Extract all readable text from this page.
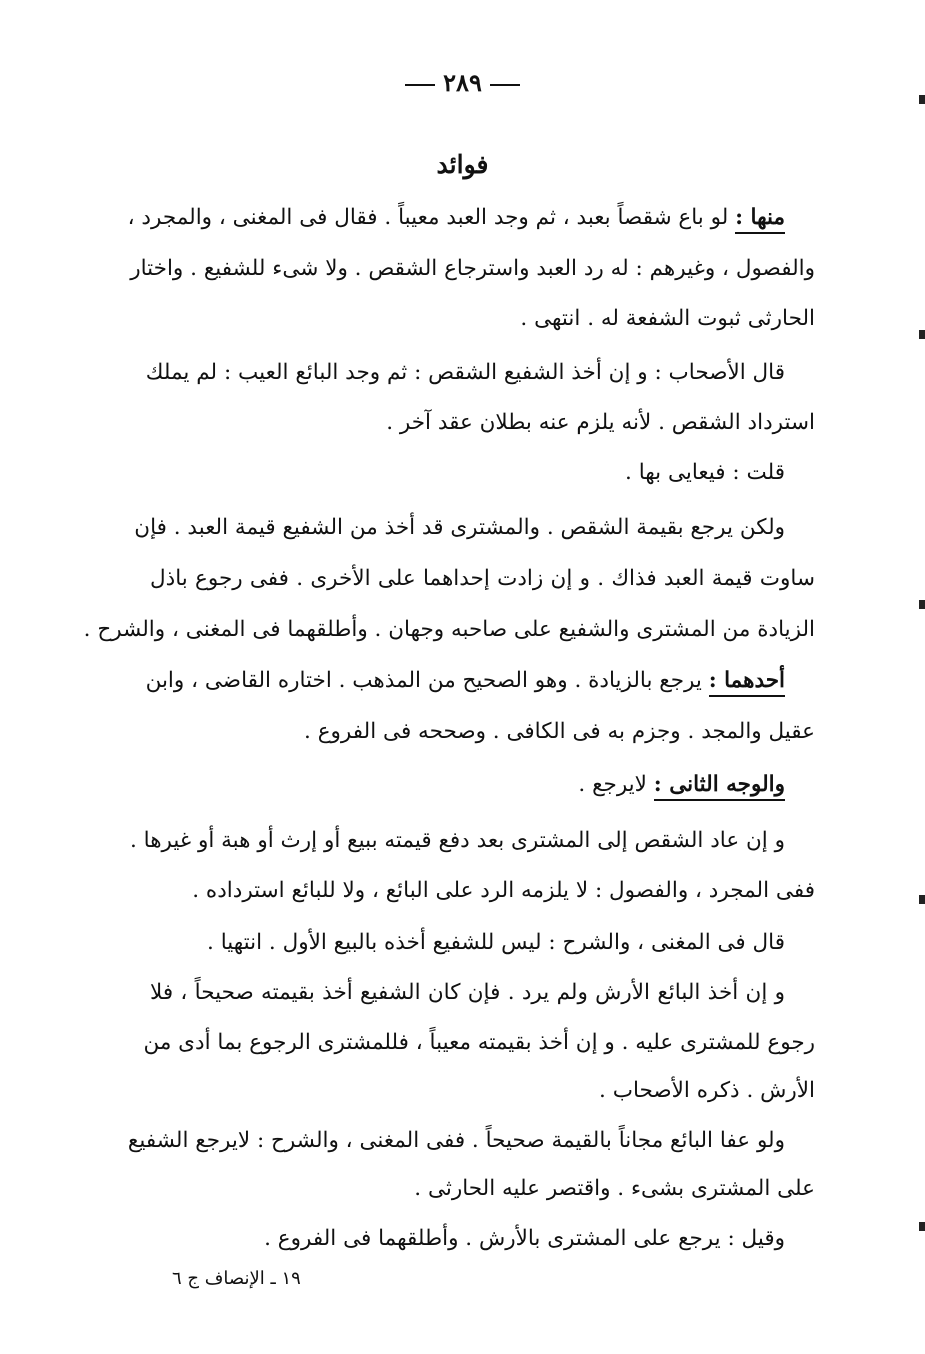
٢٨٩
فوائد
منها : لو باع شقصاً بعبد ، ثم وجد العبد معيباً . فقال فى المغنى ، والمجرد ،
والفصول ، وغيرهم : له رد العبد واسترجاع الشقص . ولا شىء للشفيع . واختار
الحارثى ثبوت الشفعة له . انتهى .
قال الأصحاب : و إن أخذ الشفيع الشقص : ثم وجد البائع العيب : لم يملك
استرداد الشقص . لأنه يلزم عنه بطلان عقد آخر .
قلت : فيعايى بها .
ولكن يرجع بقيمة الشقص . والمشترى قد أخذ من الشفيع قيمة العبد . فإن
ساوت قيمة العبد فذاك . و إن زادت إحداهما على الأخرى . ففى رجوع باذل
الزيادة من المشترى والشفيع على صاحبه وجهان . وأطلقهما فى المغنى ، والشرح .
أحدهما : يرجع بالزيادة . وهو الصحيح من المذهب . اختاره القاضى ، وابن
عقيل والمجد . وجزم به فى الكافى . وصححه فى الفروع .
والوجه الثانى : لايرجع .
و إن عاد الشقص إلى المشترى بعد دفع قيمته ببيع أو إرث أو هبة أو غيرها .
ففى المجرد ، والفصول : لا يلزمه الرد على البائع ، ولا للبائع استرداده .
قال فى المغنى ، والشرح : ليس للشفيع أخذه بالبيع الأول . انتهيا .
و إن أخذ البائع الأرش ولم يرد . فإن كان الشفيع أخذ بقيمته صحيحاً ، فلا
رجوع للمشترى عليه . و إن أخذ بقيمته معيباً ، فللمشترى الرجوع بما أدى من
الأرش . ذكره الأصحاب .
ولو عفا البائع مجاناً بالقيمة صحيحاً . ففى المغنى ، والشرح : لايرجع الشفيع
على المشترى بشىء . واقتصر عليه الحارثى .
وقيل : يرجع على المشترى بالأرش . وأطلقهما فى الفروع .
١٩ ـ الإنصاف ج ٦
